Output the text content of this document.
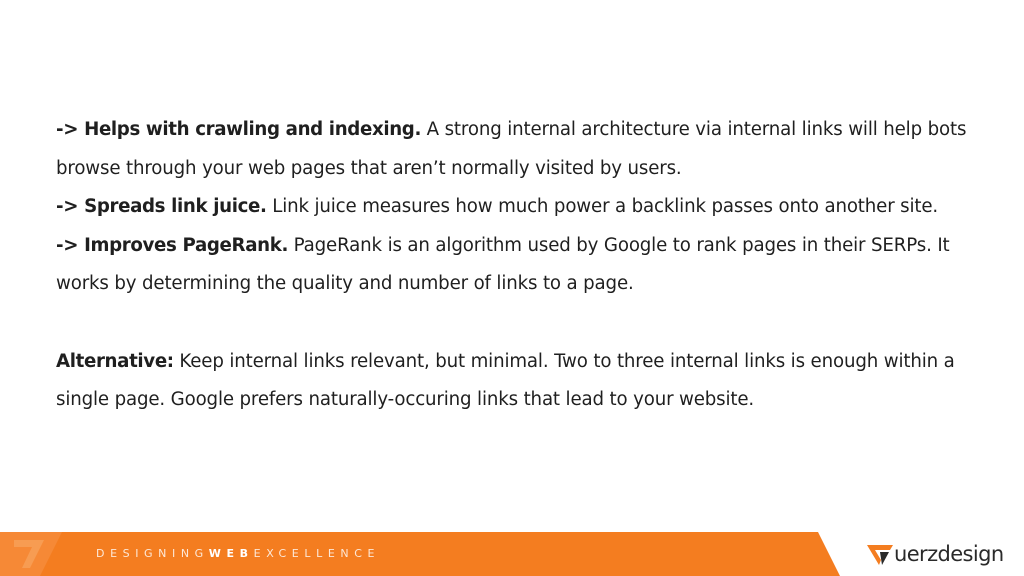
-> Helps with crawling and indexing. A strong internal architecture via internal links will help bots browse through your web pages that aren’t normally visited by users.

-> Spreads link juice. Link juice measures how much power a backlink passes onto another site.

-> Improves PageRank. PageRank is an algorithm used by Google to rank pages in their SERPs. It works by determining the quality and number of links to a page.

Alternative: Keep internal links relevant, but minimal. Two to three internal links is enough within a single page. Google prefers naturally-occuring links that lead to your website.

DESIGNINGWEBEXCELLENCE	uerzdesign
